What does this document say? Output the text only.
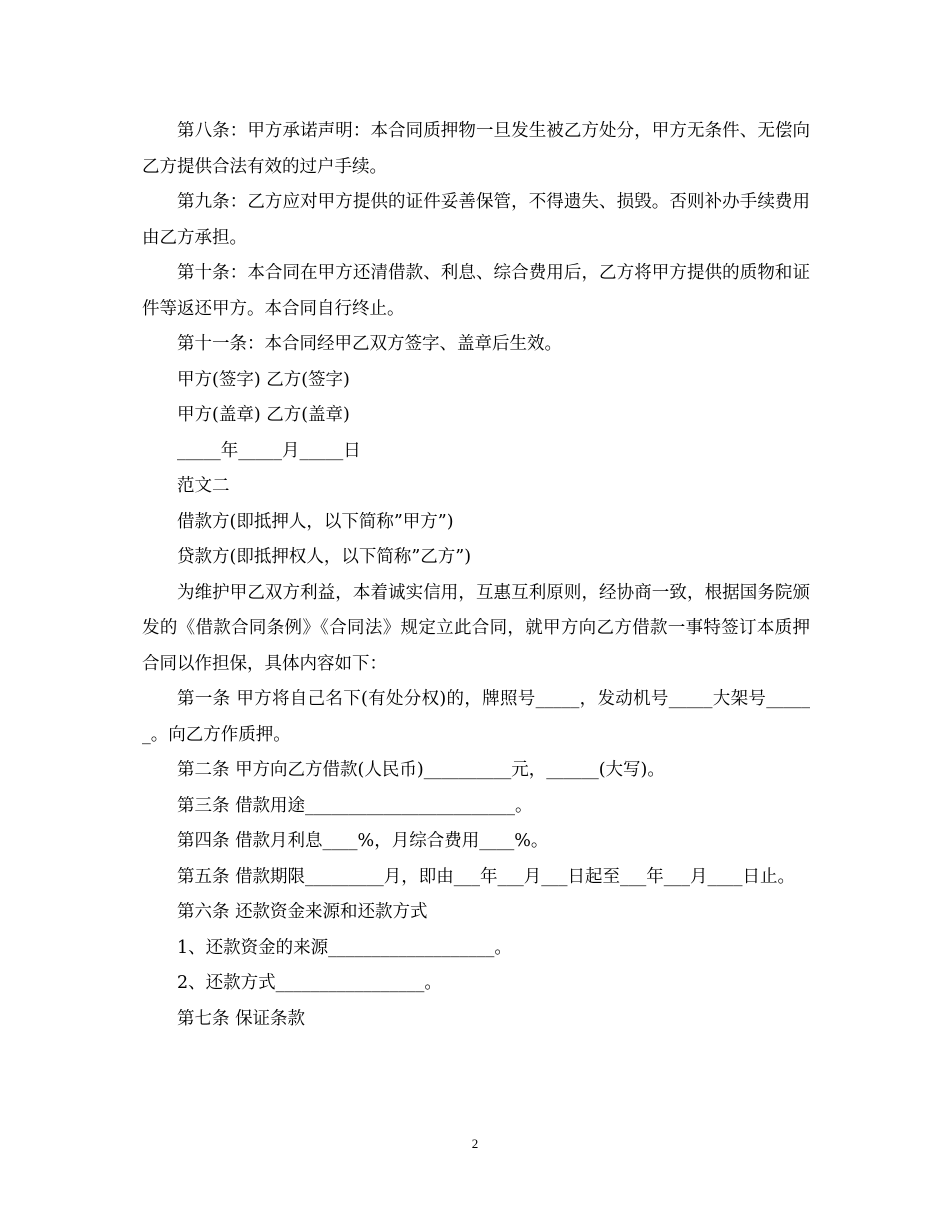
第八条：甲方承诺声明：本合同质押物一旦发生被乙方处分，甲方无条件、无偿向乙方提供合法有效的过户手续。

第九条：乙方应对甲方提供的证件妥善保管，不得遗失、损毁。否则补办手续费用由乙方承担。

第十条：本合同在甲方还清借款、利息、综合费用后，乙方将甲方提供的质物和证件等返还甲方。本合同自行终止。

第十一条：本合同经甲乙双方签字、盖章后生效。

甲方(签字) 乙方(签字)

甲方(盖章) 乙方(盖章)

_____年_____月_____日

范文二

借款方(即抵押人，以下简称”甲方”)

贷款方(即抵押权人，以下简称”乙方”)

为维护甲乙双方利益，本着诚实信用，互惠互利原则，经协商一致，根据国务院颁发的《借款合同条例》《合同法》规定立此合同，就甲方向乙方借款一事特签订本质押合同以作担保，具体内容如下：

第一条 甲方将自己名下(有处分权)的，牌照号_____，发动机号_____大架号______。向乙方作质押。

第二条 甲方向乙方借款(人民币)__________元，______(大写)。

第三条 借款用途________________________。

第四条 借款月利息____%，月综合费用____%。

第五条 借款期限_________月，即由___年___月___日起至___年___月____日止。

第六条 还款资金来源和还款方式

1、还款资金的来源___________________。

2、还款方式_________________。

第七条 保证条款

2
